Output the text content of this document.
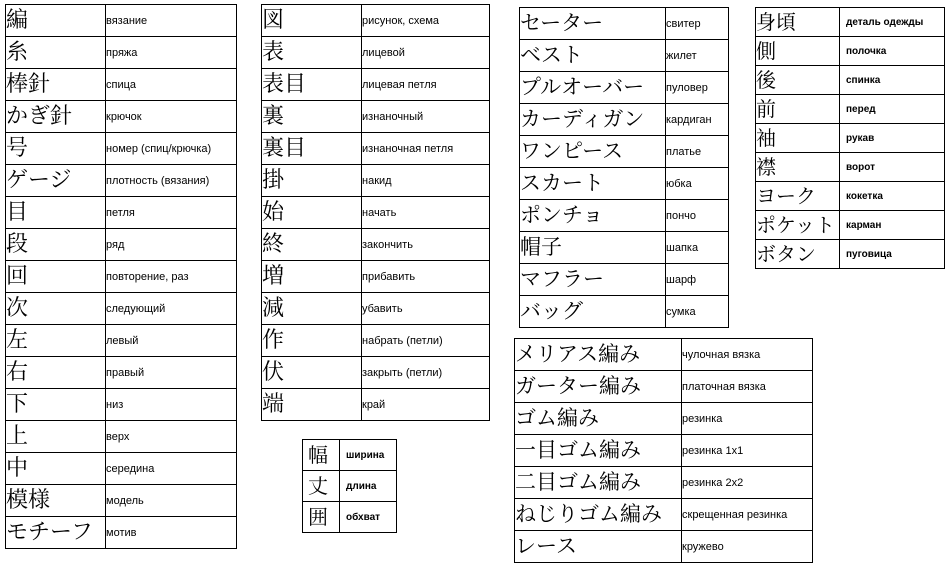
編	вязание
糸	пряжа
棒針	спица
かぎ針	крючок
号	номер (спиц/крючка)
ゲージ	плотность (вязания)
目	петля
段	ряд
回	повторение, раз
次	следующий
左	левый
右	правый
下	низ
上	верх
中	середина
模様	модель
モチーフ	мотив
図	рисунок, схема
表	лицевой
表目	лицевая петля
裏	изнаночный
裏目	изнаночная петля
掛	накид
始	начать
終	закончить
増	прибавить
減	убавить
作	набрать (петли)
伏	закрыть (петли)
端	край
セーター	свитер
ベスト	жилет
プルオーバー	пуловер
カーディガン	кардиган
ワンピース	платье
スカート	юбка
ポンチョ	пончо
帽子	шапка
マフラー	шарф
バッグ	сумка
身頃	деталь одежды
側	полочка
後	спинка
前	перед
袖	рукав
襟	ворот
ヨーク	кокетка
ポケット	карман
ボタン	пуговица
幅	ширина
丈	длина
囲	обхват
メリアス編み	чулочная вязка
ガーター編み	платочная вязка
ゴム編み	резинка
一目ゴム編み	резинка 1x1
二目ゴム編み	резинка 2x2
ねじりゴム編み	скрещенная резинка
レース	кружево
